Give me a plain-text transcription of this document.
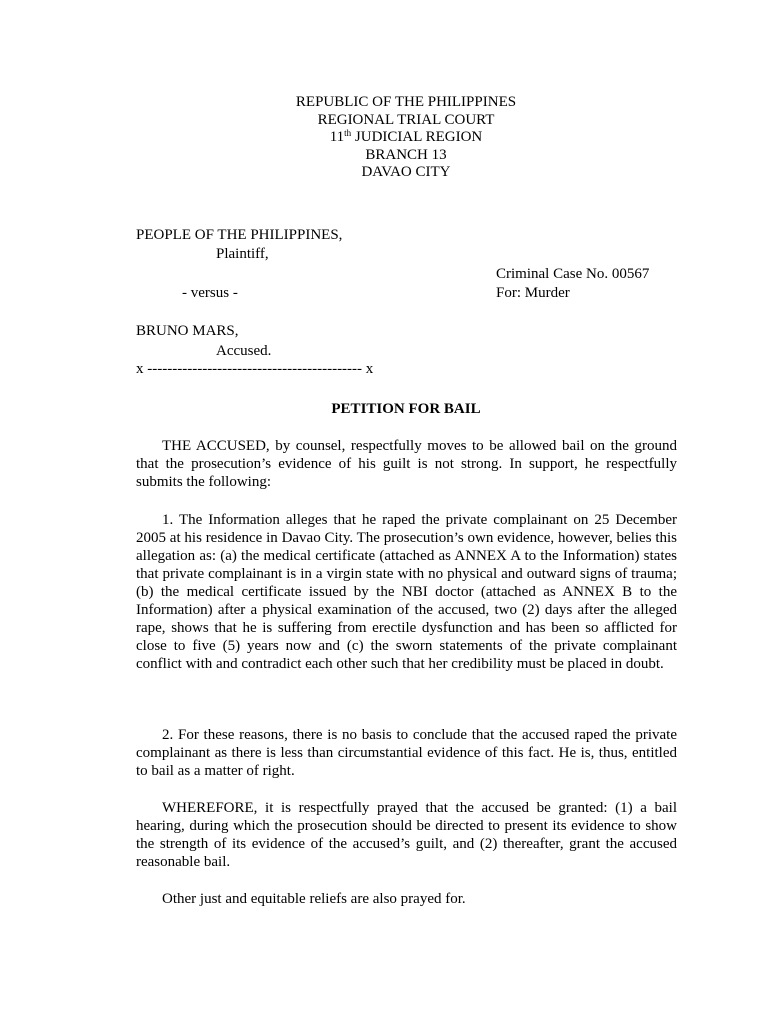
REPUBLIC OF THE PHILIPPINES
REGIONAL TRIAL COURT
11th JUDICIAL REGION
BRANCH 13
DAVAO CITY
PEOPLE OF THE PHILIPPINES,
Plaintiff,
Criminal Case No. 00567
- versus -	For: Murder
BRUNO MARS,
Accused.
x ------------------------------------------- x
PETITION FOR BAIL
THE ACCUSED, by counsel, respectfully moves to be allowed bail on the ground that the prosecution’s evidence of his guilt is not strong. In support, he respectfully submits the following:
1. The Information alleges that he raped the private complainant on 25 December 2005 at his residence in Davao City. The prosecution’s own evidence, however, belies this allegation as: (a) the medical certificate (attached as ANNEX A to the Information) states that private complainant is in a virgin state with no physical and outward signs of trauma; (b) the medical certificate issued by the NBI doctor (attached as ANNEX B to the Information) after a physical examination of the accused, two (2) days after the alleged rape, shows that he is suffering from erectile dysfunction and has been so afflicted for close to five (5) years now and (c) the sworn statements of the private complainant conflict with and contradict each other such that her credibility must be placed in doubt.
2. For these reasons, there is no basis to conclude that the accused raped the private complainant as there is less than circumstantial evidence of this fact. He is, thus, entitled to bail as a matter of right.
WHEREFORE, it is respectfully prayed that the accused be granted: (1) a bail hearing, during which the prosecution should be directed to present its evidence to show the strength of its evidence of the accused’s guilt, and (2) thereafter, grant the accused reasonable bail.
Other just and equitable reliefs are also prayed for.
